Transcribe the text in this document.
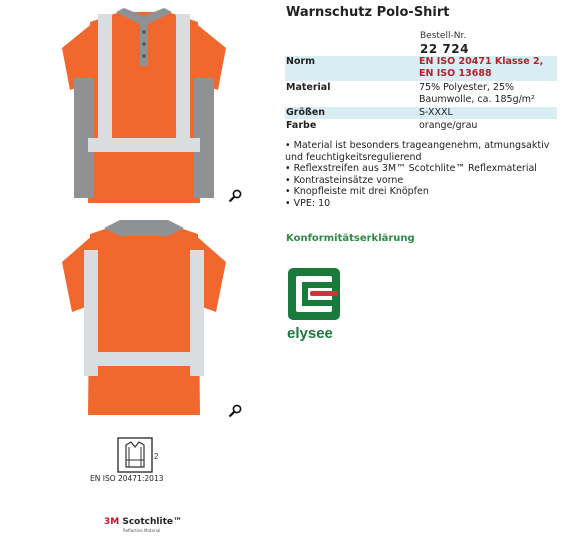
2
EN ISO 20471:2013
3M Scotchlite™
Reflective Material
Warnschutz Polo-Shirt
Bestell-Nr.
22 724
Norm	EN ISO 20471 Klasse 2, EN ISO 13688
Material	75% Polyester, 25% Baumwolle, ca. 185g/m²
Größen	S-XXXL
Farbe	orange/grau
• Material ist besonders trageangenehm, atmungsaktiv und feuchtigkeitsregulierend
• Reflexstreifen aus 3M™ Scotchlite™ Reflexmaterial
• Kontrasteinsätze vorne
• Knopfleiste mit drei Knöpfen
• VPE: 10
Konformitätserklärung
elysee
